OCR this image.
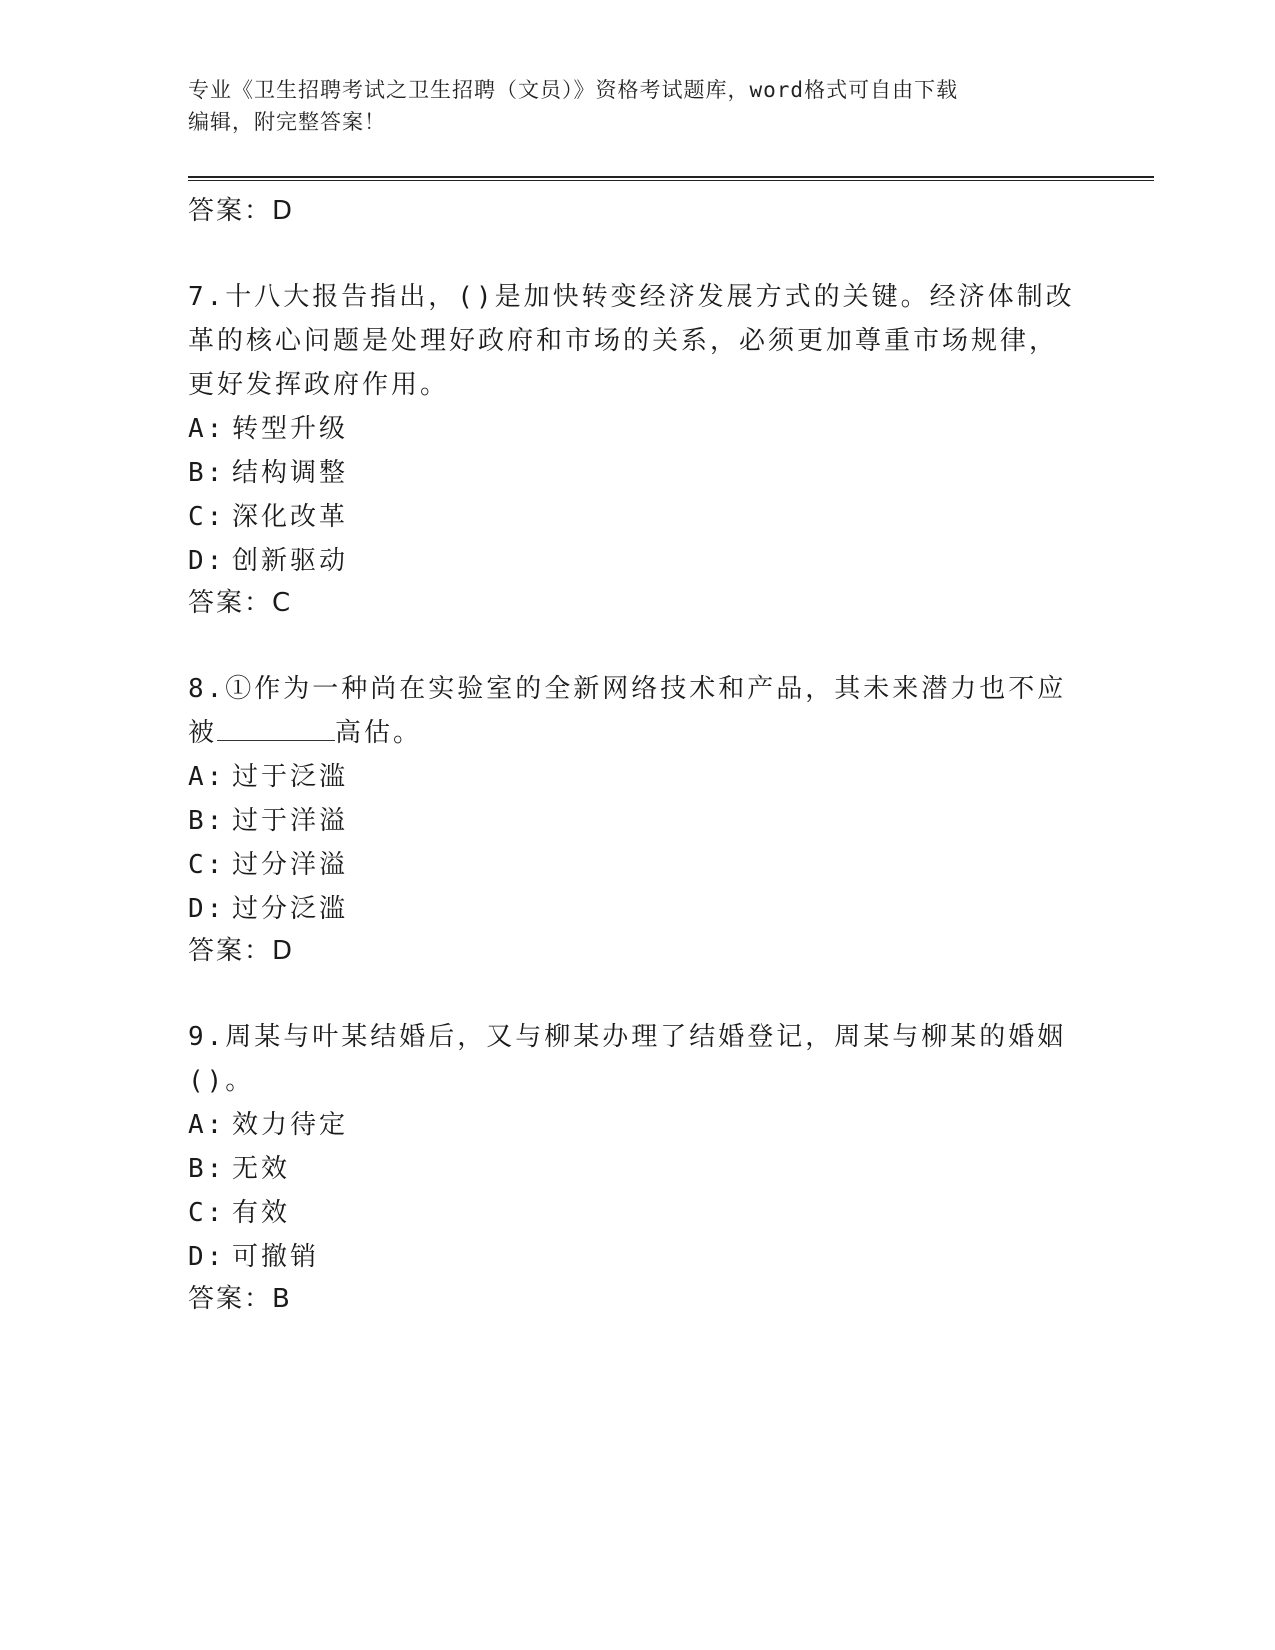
专业《卫生招聘考试之卫生招聘（文员）》资格考试题库，word格式可自由下载
编辑，附完整答案！
答案：D
7.十八大报告指出，()是加快转变经济发展方式的关键。经济体制改
革的核心问题是处理好政府和市场的关系，必须更加尊重市场规律，
更好发挥政府作用。
A: 转型升级
B: 结构调整
C: 深化改革
D: 创新驱动
答案：C
8.①作为一种尚在实验室的全新网络技术和产品，其未来潜力也不应
被	高估。
A: 过于泛滥
B: 过于洋溢
C: 过分洋溢
D: 过分泛滥
答案：D
9.周某与叶某结婚后，又与柳某办理了结婚登记，周某与柳某的婚姻
()。
A: 效力待定
B: 无效
C: 有效
D: 可撤销
答案：B
